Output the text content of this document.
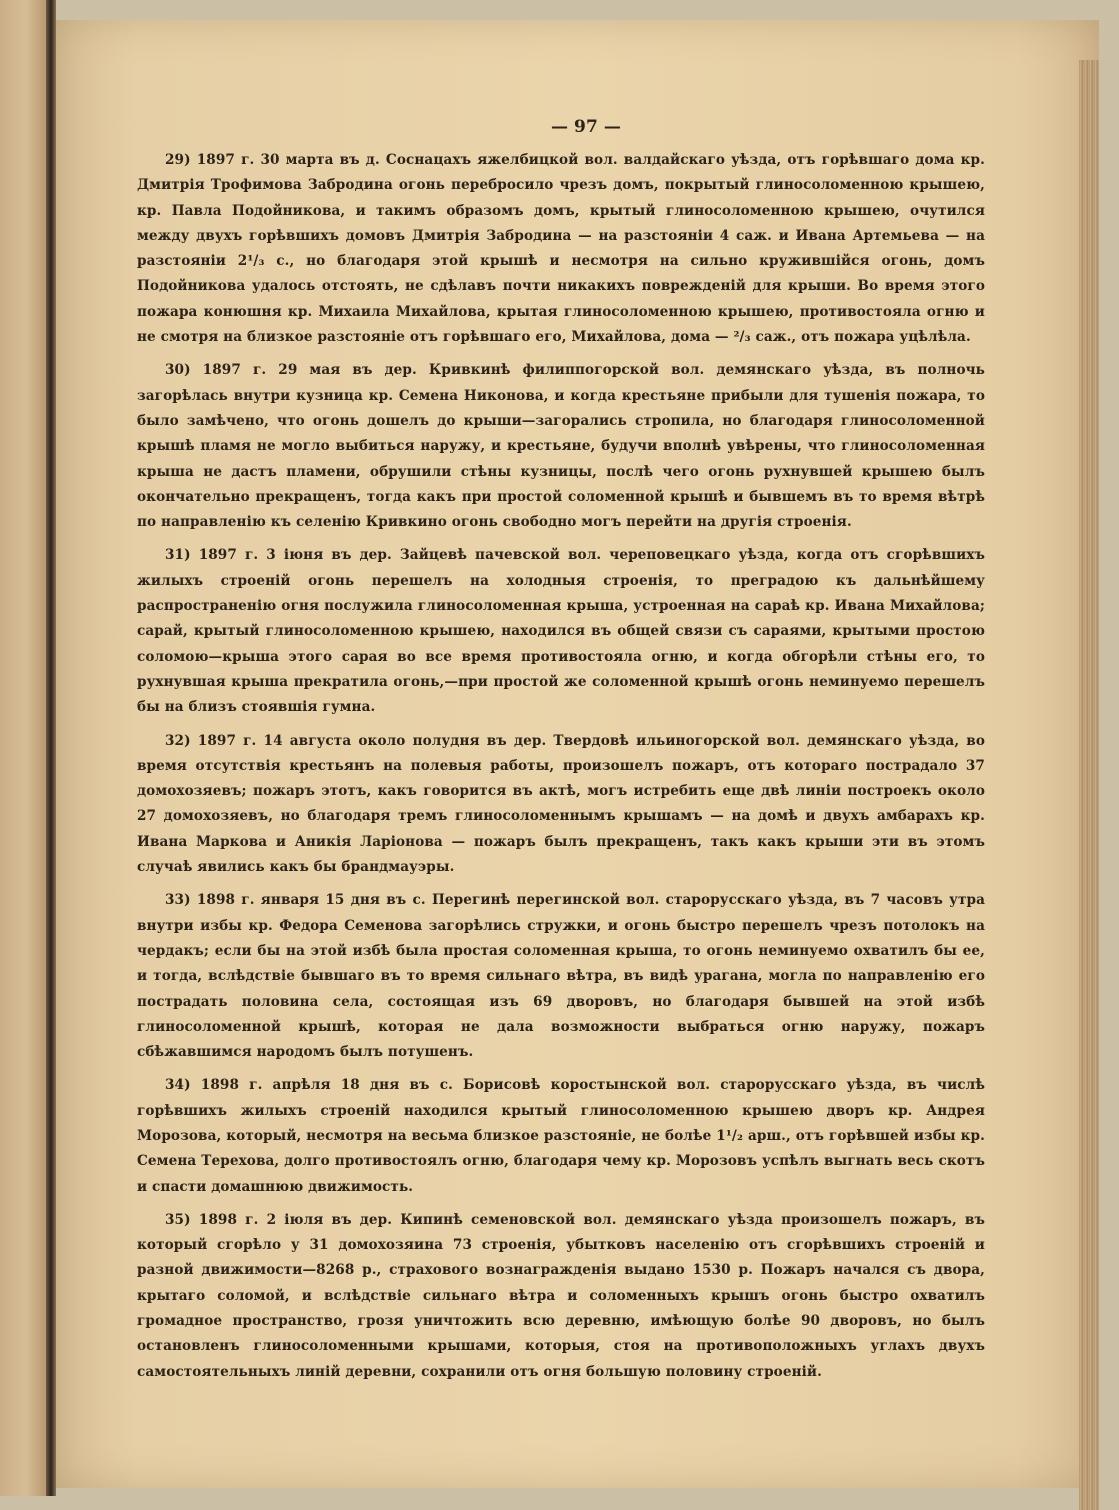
— 97 —

29) 1897 г. 30 марта въ д. Соснацахъ яжелбицкой вол. валдайскаго уѣзда, отъ горѣвшаго дома кр. Дмитрія Трофимова Забродина огонь перебросило чрезъ домъ, покрытый глиносоломенною крышею, кр. Павла Подойникова, и такимъ образомъ домъ, крытый глиносоломенною крышею, очутился между двухъ горѣвшихъ домовъ Дмитрія Забродина — на разстояніи 4 саж. и Ивана Артемьева — на разстояніи 2¹/₃ с., но благодаря этой крышѣ и несмотря на сильно кружившійся огонь, домъ Подойникова удалось отстоять, не сдѣлавъ почти никакихъ поврежденій для крыши. Во время этого пожара конюшня кр. Михаила Михайлова, крытая глиносоломенною крышею, противостояла огню и не смотря на близкое разстояніе отъ горѣвшаго его, Михайлова, дома — ²/₃ саж., отъ пожара уцѣлѣла.

30) 1897 г. 29 мая въ дер. Кривкинѣ филиппогорской вол. демянскаго уѣзда, въ полночь загорѣлась внутри кузница кр. Семена Никонова, и когда крестьяне прибыли для тушенія пожара, то было замѣчено, что огонь дошелъ до крыши—загорались стропила, но благодаря глиносоломенной крышѣ пламя не могло выбиться наружу, и крестьяне, будучи вполнѣ увѣрены, что глиносоломенная крыша не дастъ пламени, обрушили стѣны кузницы, послѣ чего огонь рухнувшей крышею былъ окончательно прекращенъ, тогда какъ при простой соломенной крышѣ и бывшемъ въ то время вѣтрѣ по направленію къ селенію Кривкино огонь свободно могъ перейти на другія строенія.

31) 1897 г. 3 іюня въ дер. Зайцевѣ пачевской вол. череповецкаго уѣзда, когда отъ сгорѣвшихъ жилыхъ строеній огонь перешелъ на холодныя строенія, то преградою къ дальнѣйшему распространенію огня послужила глиносоломенная крыша, устроенная на сараѣ кр. Ивана Михайлова; сарай, крытый глиносоломенною крышею, находился въ общей связи съ сараями, крытыми простою соломою—крыша этого сарая во все время противостояла огню, и когда обгорѣли стѣны его, то рухнувшая крыша прекратила огонь,—при простой же соломенной крышѣ огонь неминуемо перешелъ бы на близъ стоявшія гумна.

32) 1897 г. 14 августа около полудня въ дер. Твердовѣ ильиногорской вол. демянскаго уѣзда, во время отсутствія крестьянъ на полевыя работы, произошелъ пожаръ, отъ котораго пострадало 37 домохозяевъ; пожаръ этотъ, какъ говорится въ актѣ, могъ истребить еще двѣ линіи построекъ около 27 домохозяевъ, но благодаря тремъ глиносоломеннымъ крышамъ — на домѣ и двухъ амбарахъ кр. Ивана Маркова и Аникія Ларіонова — пожаръ былъ прекращенъ, такъ какъ крыши эти въ этомъ случаѣ явились какъ бы брандмауэры.

33) 1898 г. января 15 дня въ с. Перегинѣ перегинской вол. старорусскаго уѣзда, въ 7 часовъ утра внутри избы кр. Федора Семенова загорѣлись стружки, и огонь быстро перешелъ чрезъ потолокъ на чердакъ; если бы на этой избѣ была простая соломенная крыша, то огонь неминуемо охватилъ бы ее, и тогда, вслѣдствіе бывшаго въ то время сильнаго вѣтра, въ видѣ урагана, могла по направленію его пострадать половина села, состоящая изъ 69 дворовъ, но благодаря бывшей на этой избѣ глиносоломенной крышѣ, которая не дала возможности выбраться огню наружу, пожаръ сбѣжавшимся народомъ былъ потушенъ.

34) 1898 г. апрѣля 18 дня въ с. Борисовѣ коростынской вол. старорусскаго уѣзда, въ числѣ горѣвшихъ жилыхъ строеній находился крытый глиносоломенною крышею дворъ кр. Андрея Морозова, который, несмотря на весьма близкое разстояніе, не болѣе 1¹/₂ арш., отъ горѣвшей избы кр. Семена Терехова, долго противостоялъ огню, благодаря чему кр. Морозовъ успѣлъ выгнать весь скотъ и спасти домашнюю движимость.

35) 1898 г. 2 іюля въ дер. Кипинѣ семеновской вол. демянскаго уѣзда произошелъ пожаръ, въ который сгорѣло у 31 домохозяина 73 строенія, убытковъ населенію отъ сгорѣвшихъ строеній и разной движимости—8268 р., страхового вознагражденія выдано 1530 р. Пожаръ начался съ двора, крытаго соломой, и вслѣдствіе сильнаго вѣтра и соломенныхъ крышъ огонь быстро охватилъ громадное пространство, грозя уничтожить всю деревню, имѣющую болѣе 90 дворовъ, но былъ остановленъ глиносоломенными крышами, которыя, стоя на противоположныхъ углахъ двухъ самостоятельныхъ линій деревни, сохранили отъ огня большую половину строеній.
